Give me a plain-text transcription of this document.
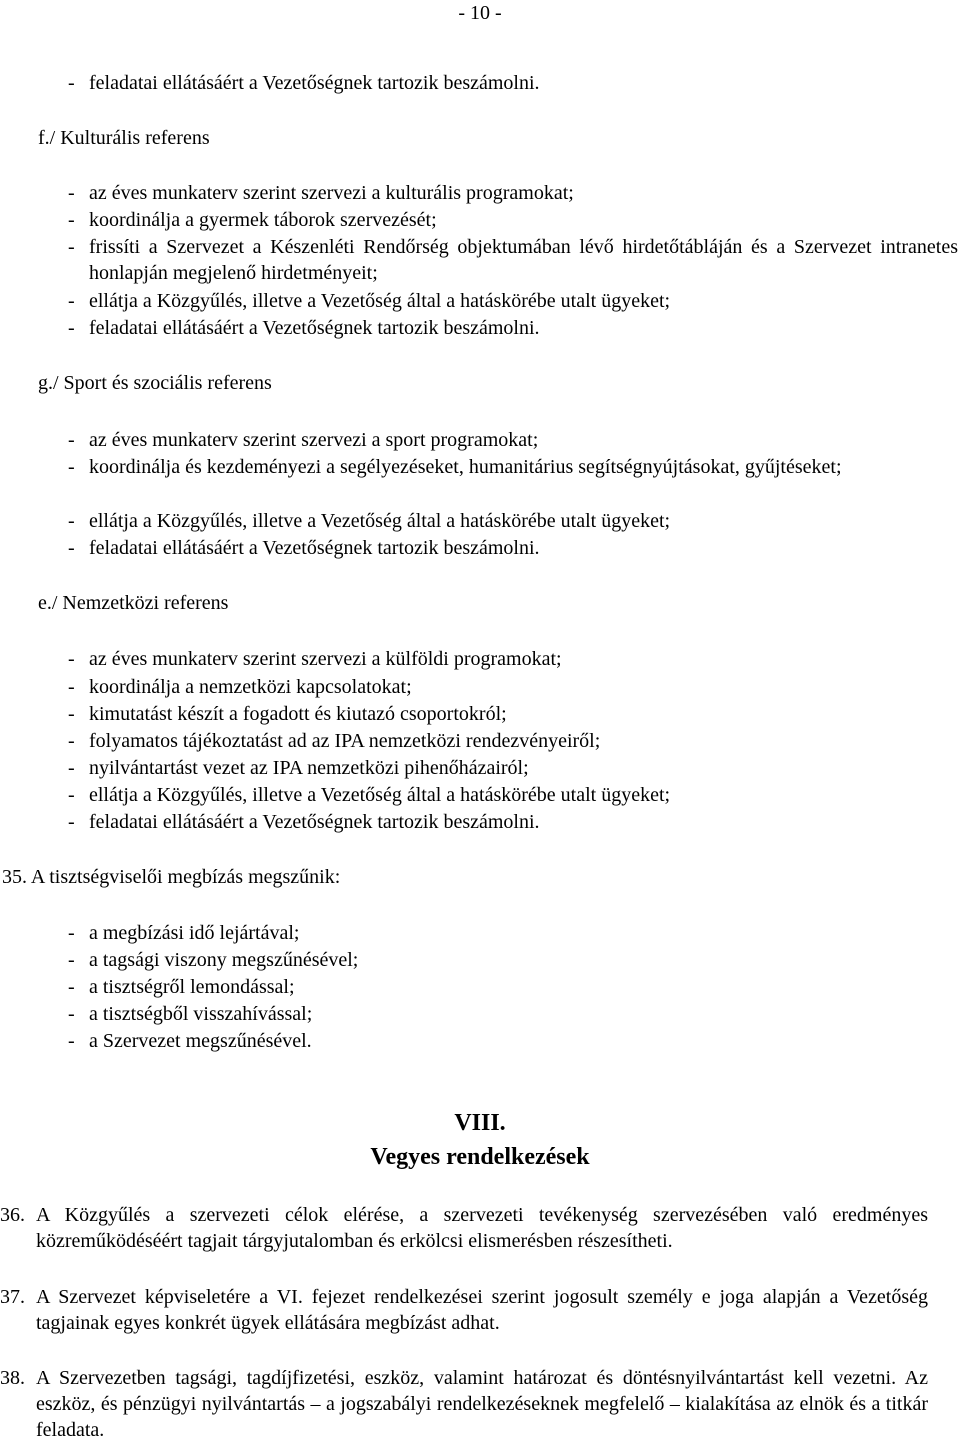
- 10 -
- feladatai ellátásáért a Vezetőségnek tartozik beszámolni.
f./ Kulturális referens
- az éves munkaterv szerint szervezi a kulturális programokat;
- koordinálja a gyermek táborok szervezését;
- frissíti a Szervezet a Készenléti Rendőrség objektumában lévő hirdetőtábláján és a Szervezet intranetes honlapján megjelenő hirdetményeit;
- ellátja a Közgyűlés, illetve a Vezetőség által a hatáskörébe utalt ügyeket;
- feladatai ellátásáért a Vezetőségnek tartozik beszámolni.
g./ Sport és szociális referens
- az éves munkaterv szerint szervezi a sport programokat;
- koordinálja és kezdeményezi a segélyezéseket, humanitárius segítségnyújtásokat, gyűjtéseket;
- ellátja a Közgyűlés, illetve a Vezetőség által a hatáskörébe utalt ügyeket;
- feladatai ellátásáért a Vezetőségnek tartozik beszámolni.
e./ Nemzetközi referens
- az éves munkaterv szerint szervezi a külföldi programokat;
- koordinálja a nemzetközi kapcsolatokat;
- kimutatást készít a fogadott és kiutazó csoportokról;
- folyamatos tájékoztatást ad az IPA nemzetközi rendezvényeiről;
- nyilvántartást vezet az IPA nemzetközi pihenőházairól;
- ellátja a Közgyűlés, illetve a Vezetőség által a hatáskörébe utalt ügyeket;
- feladatai ellátásáért a Vezetőségnek tartozik beszámolni.
35. A tisztségviselői megbízás megszűnik:
- a megbízási idő lejártával;
- a tagsági viszony megszűnésével;
- a tisztségről lemondással;
- a tisztségből visszahívással;
- a Szervezet megszűnésével.
VIII.
Vegyes rendelkezések
36. A Közgyűlés a szervezeti célok elérése, a szervezeti tevékenység szervezésében való eredményes közreműködéséért tagjait tárgyjutalomban és erkölcsi elismerésben részesítheti.
37. A Szervezet képviseletére a VI. fejezet rendelkezései szerint jogosult személy e joga alapján a Vezetőség tagjainak egyes konkrét ügyek ellátására megbízást adhat.
38. A Szervezetben tagsági, tagdíjfizetési, eszköz, valamint határozat és döntésnyilvántartást kell vezetni. Az eszköz, és pénzügyi nyilvántartás – a jogszabályi rendelkezéseknek megfelelő – kialakítása az elnök és a titkár feladata.
